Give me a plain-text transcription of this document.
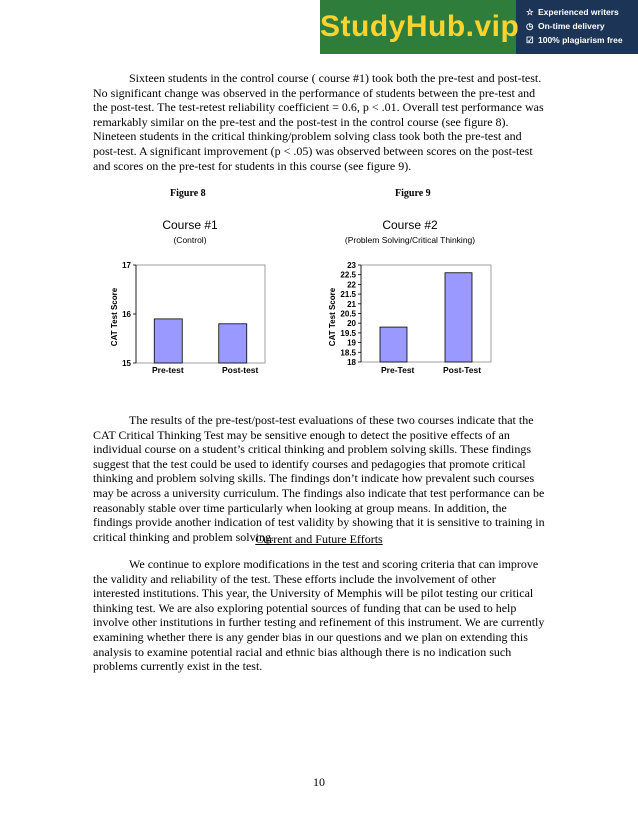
StudyHub.vip ☆ Experienced writers
◷ On-time delivery
☑ 100% plagiarism free

Sixteen students in the control course ( course #1) took both the pre-test and post-test. No significant change was observed in the performance of students between the pre-test and the post-test. The test-retest reliability coefficient = 0.6, p < .01. Overall test performance was remarkably similar on the pre-test and the post-test in the control course (see figure 8). Nineteen students in the critical thinking/problem solving class took both the pre-test and post-test. A significant improvement (p < .05) was observed between scores on the post-test and scores on the pre-test for students in this course (see figure 9).

Figure 8	Figure 9
Course #1
(Control)
Course #2
(Problem Solving/Critical Thinking)
CAT Test Score
15
16
17
Pre-test	Post-test
CAT Test Score
18
18.5
19
19.5
20
20.5
21
21.5
22
22.5
23
Pre-Test	Post-Test

The results of the pre-test/post-test evaluations of these two courses indicate that the CAT Critical Thinking Test may be sensitive enough to detect the positive effects of an individual course on a student’s critical thinking and problem solving skills. These findings suggest that the test could be used to identify courses and pedagogies that promote critical thinking and problem solving skills. The findings don’t indicate how prevalent such courses may be across a university curriculum. The findings also indicate that test performance can be reasonably stable over time particularly when looking at group means. In addition, the findings provide another indication of test validity by showing that it is sensitive to training in critical thinking and problem solving.

Current and Future Efforts

We continue to explore modifications in the test and scoring criteria that can improve the validity and reliability of the test. These efforts include the involvement of other interested institutions. This year, the University of Memphis will be pilot testing our critical thinking test. We are also exploring potential sources of funding that can be used to help involve other institutions in further testing and refinement of this instrument. We are currently examining whether there is any gender bias in our questions and we plan on extending this analysis to examine potential racial and ethnic bias although there is no indication such problems currently exist in the test.

10
